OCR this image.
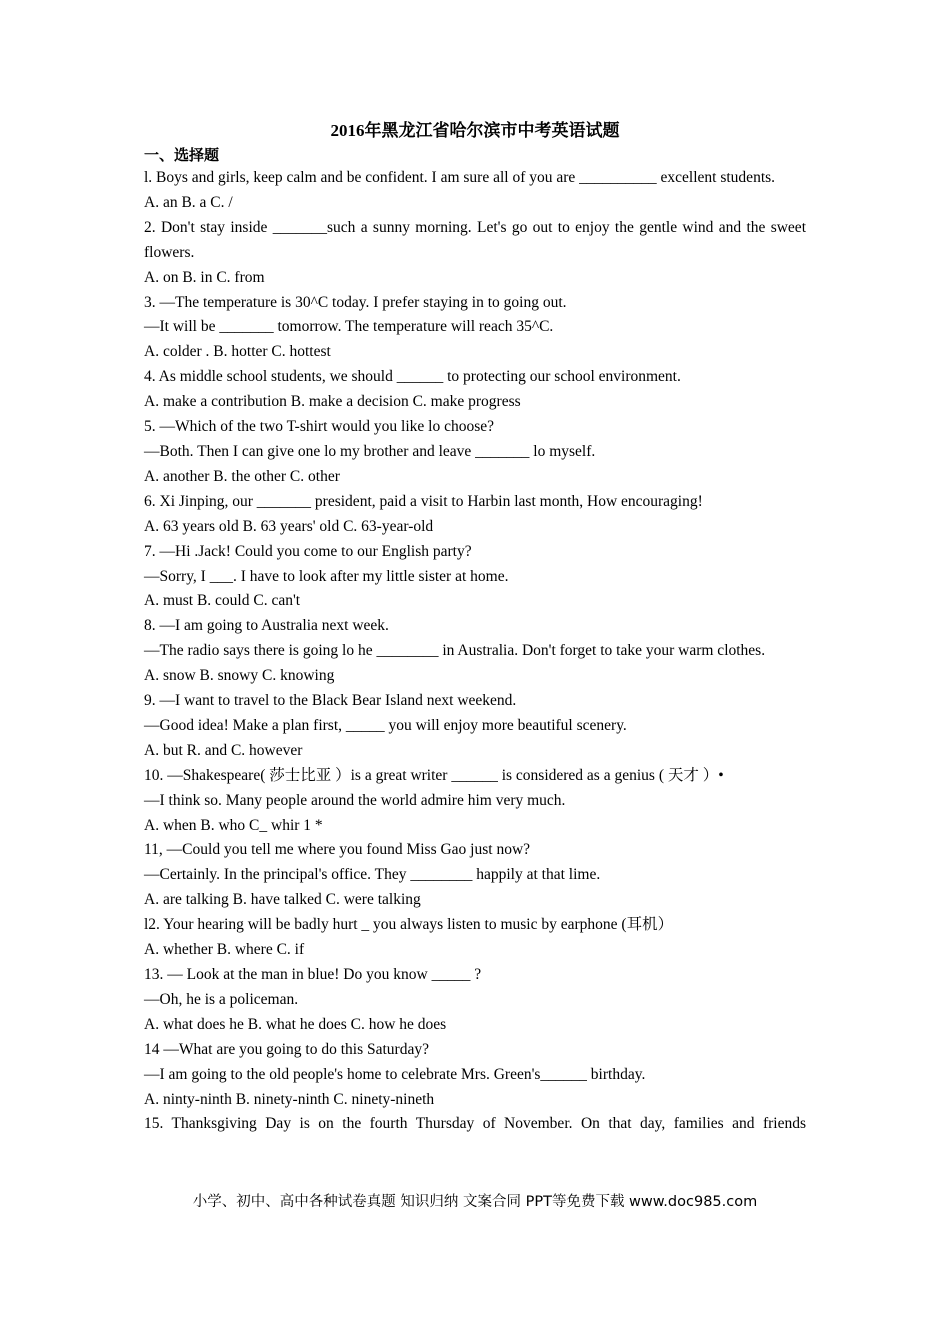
2016年黑龙江省哈尔滨市中考英语试题
一、选择题

l. Boys and girls, keep calm and be confident. I am sure all of you are __________ excellent students.

A. an B. a C. /

2. Don't stay inside _______such a sunny morning. Let's go out to enjoy the gentle wind and the sweet flowers.

A. on B. in C. from

3. —The temperature is 30^C today. I prefer staying in to going out.

—It will be _______ tomorrow. The temperature will reach 35^C.

A. colder . B. hotter C. hottest

4. As middle school students, we should ______ to protecting our school environment.

A. make a contribution B. make a decision C. make progress

5. —Which of the two T-shirt would you like lo choose?

—Both. Then I can give one lo my brother and leave _______ lo myself.

A. another B. the other C. other

6. Xi Jinping, our _______ president, paid a visit to Harbin last month, How encouraging!

A. 63 years old B. 63 years' old C. 63-year-old

7. —Hi .Jack! Could you come to our English party?

—Sorry, I ___. I have to look after my little sister at home.

A. must B. could C. can't

8. —I am going to Australia next week.

—The radio says there is going lo he ________ in Australia. Don't forget to take your warm clothes.

A. snow B. snowy C. knowing

9. —I want to travel to the Black Bear Island next weekend.

—Good idea! Make a plan first, _____ you will enjoy more beautiful scenery.

A. but R. and C. however

10. —Shakespeare( 莎士比亚 ）is a great writer ______ is considered as a genius ( 天才 ）•

—I think so. Many people around the world admire him very much.

A. when B. who C_ whir 1 *

11, —Could you tell me where you found Miss Gao just now?

—Certainly. In the principal's office. They ________ happily at that lime.

A. are talking B. have talked C. were talking

l2. Your hearing will be badly hurt _ you always listen to music by earphone (耳机）

A. whether B. where C. if

13. — Look at the man in blue! Do you know _____ ?

—Oh, he is a policeman.

A. what does he B. what he does C. how he does

14 —What are you going to do this Saturday?

—I am going to the old people's home to celebrate Mrs. Green's______ birthday.

A. ninty-ninth B. ninety-ninth C. ninety-nineth

15. Thanksgiving Day is on the fourth Thursday of November. On that day, families and friends

小学、初中、高中各种试卷真题 知识归纳 文案合同 PPT等免费下载 www.doc985.com
